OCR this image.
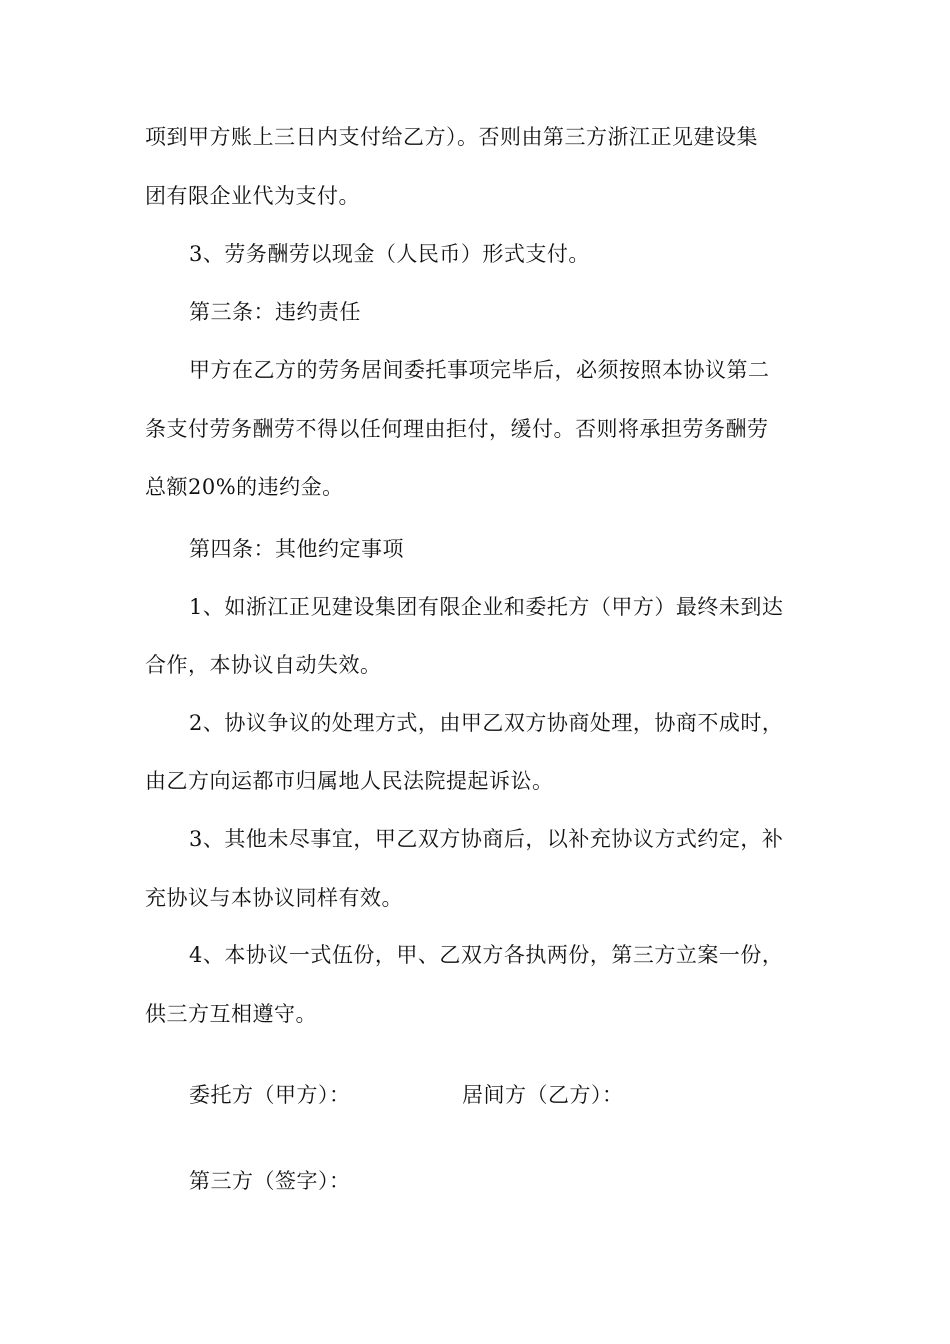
项到甲方账上三日内支付给乙方）。否则由第三方浙江正见建设集
团有限企业代为支付。
3、劳务酬劳以现金（人民币）形式支付。
第三条：违约责任
甲方在乙方的劳务居间委托事项完毕后，必须按照本协议第二
条支付劳务酬劳不得以任何理由拒付，缓付。否则将承担劳务酬劳
总额20%的违约金。
第四条：其他约定事项
1、如浙江正见建设集团有限企业和委托方（甲方）最终未到达
合作，本协议自动失效。
2、协议争议的处理方式，由甲乙双方协商处理，协商不成时，
由乙方向运都市归属地人民法院提起诉讼。
3、其他未尽事宜，甲乙双方协商后，以补充协议方式约定，补
充协议与本协议同样有效。
4、本协议一式伍份，甲、乙双方各执两份，第三方立案一份，
供三方互相遵守。
委托方（甲方）：	居间方（乙方）：
第三方（签字）：
